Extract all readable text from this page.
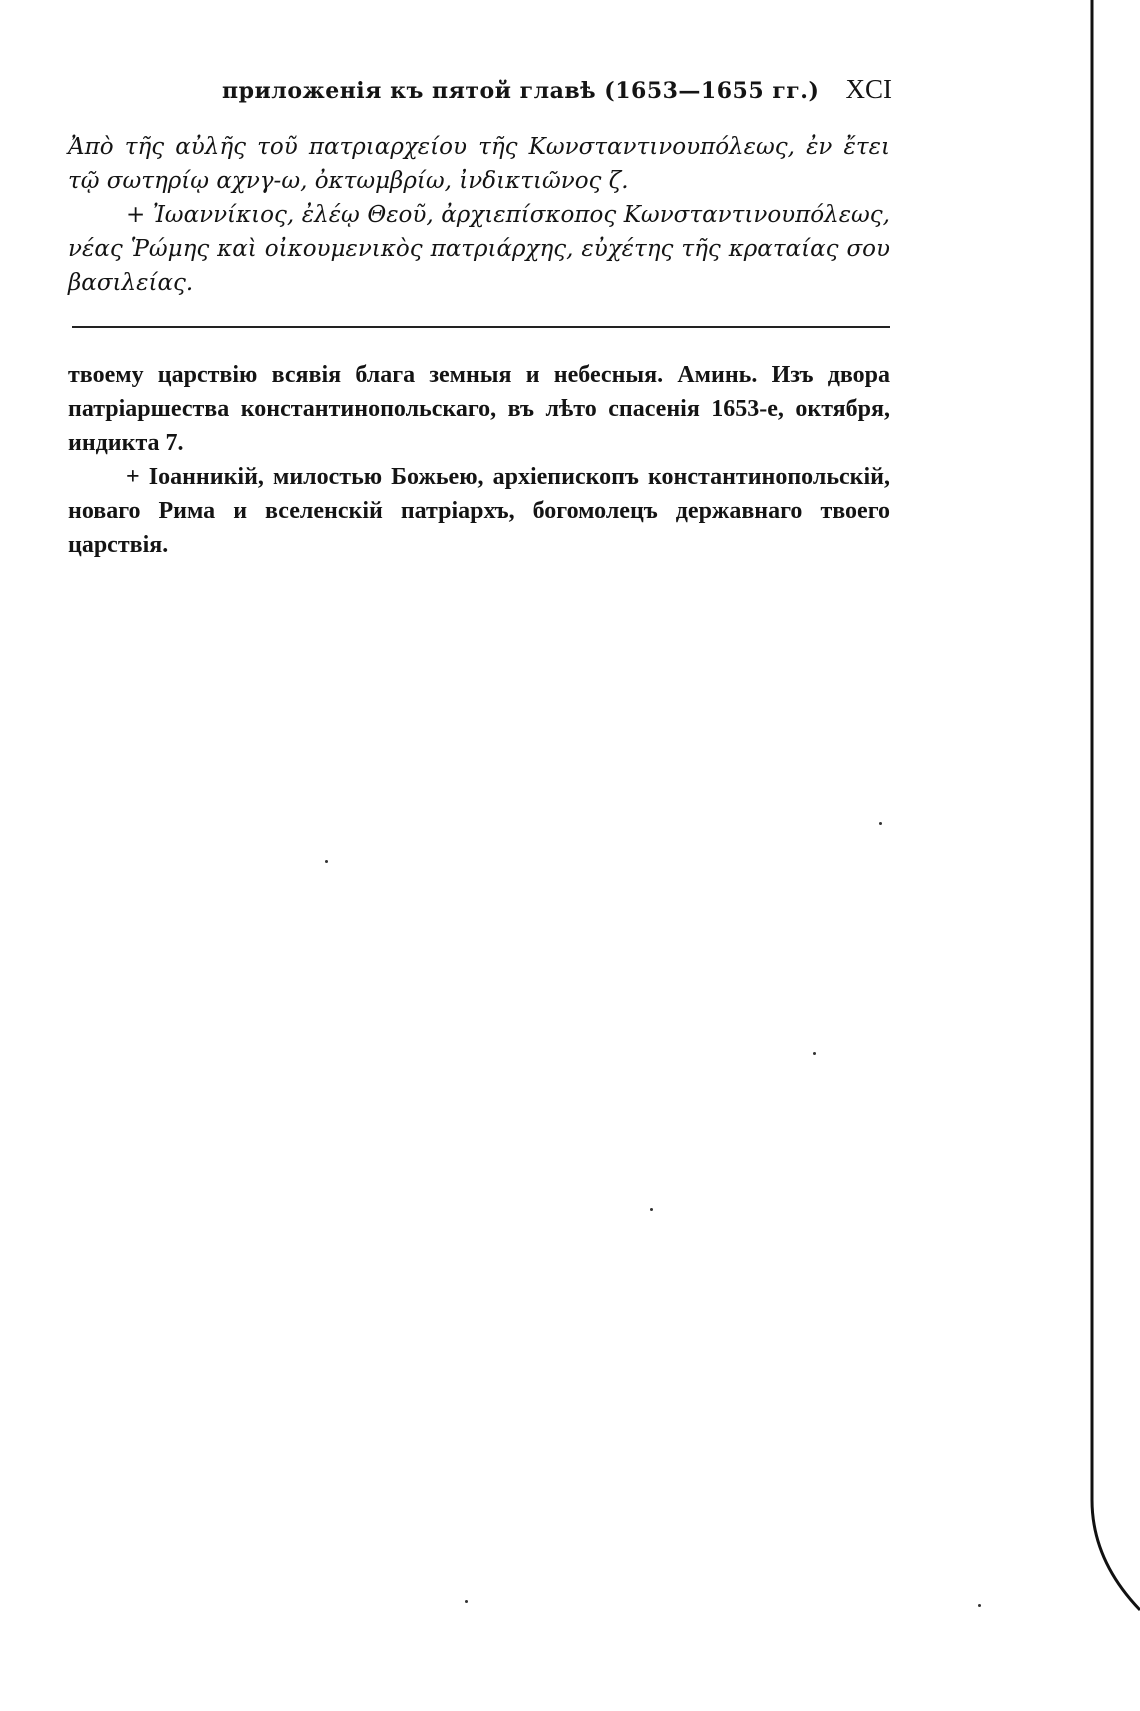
приложенiя къ пятой главѣ (1653—1655 гг.) XCI

Ἀπὸ τῆς αὐλῆς τοῦ πατριαρχείου τῆς Κωνσταντινουπόλεως, ἐν ἔτει τῷ σωτηρίῳ αχνγ-ω, ὀκτωμβρίω, ἰνδικτιῶνος ζ.

+ Ἰωαννίκιος, ἐλέῳ Θεοῦ, ἀρχιεπίσκοπος Κωνσταντινουπόλεως, νέας Ῥώμης καὶ οἰκουμενικὸς πατριάρχης, εὐχέτης τῆς κραταίας σου βασιλείας.

твоему царствiю всявiя блага земныя и небесныя. Аминь. Изъ двора патрiаршества константинопольскаго, въ лѣто спасенiя 1653-е, октября, индикта 7.

+ Iоанникiй, милостью Божьею, архiепископъ константинопольскiй, новаго Рима и вселенскiй патрiархъ, богомолецъ державнаго твоего царствiя.
